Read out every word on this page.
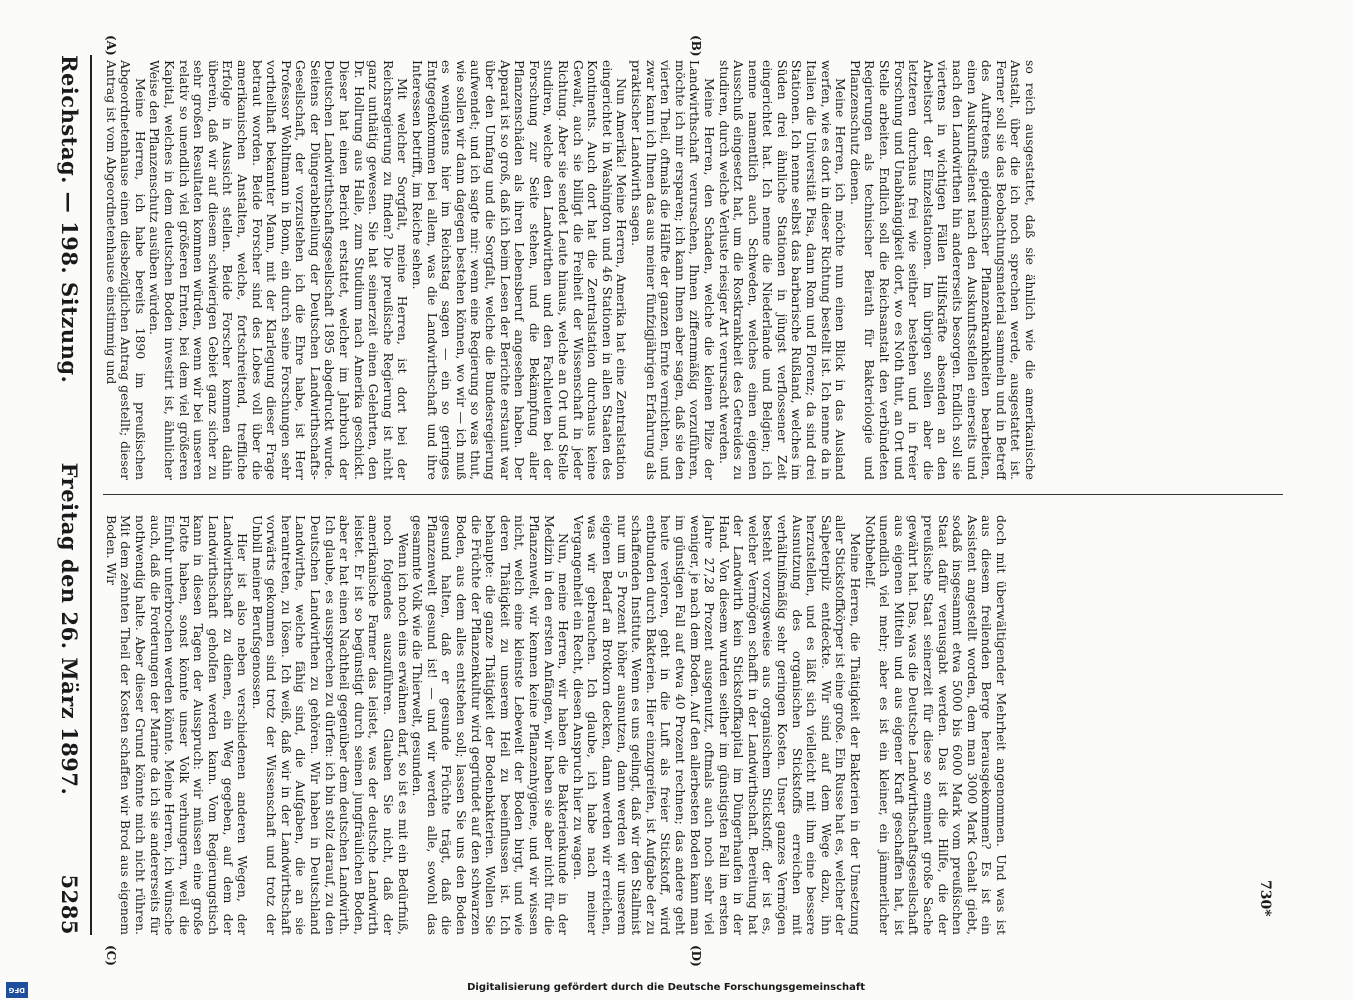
Reichstag. — 198. Sitzung.
Freitag den 26. März 1897.
5285
(A)	(B)
(C)	(D)

so reich ausgestattet, daß sie ähnlich wie die amerikanische Anstalt, über die ich noch sprechen werde, ausgestattet ist. Ferner soll sie das Beobachtungsmaterial sammeln und in Betreff des Auftretens epidemischer Pflanzenkrankheiten bearbeiten, einen Auskunftsdienst nach den Auskunftsstellen einerseits und nach den Landwirthen hin andererseits besorgen. Endlich soll sie viertens in wichtigen Fällen Hilfskräfte absenden an den Arbeitsort der Einzelstationen. Im übrigen sollen aber die letzteren durchaus frei wie seither bestehen und in freier Forschung und Unabhängigkeit dort, wo es Noth thut, an Ort und Stelle arbeiten. Endlich soll die Reichsanstalt den verbündeten Regierungen als technischer Beirath für Bakteriologie und Pflanzenschutz dienen.

Meine Herren, ich möchte nun einen Blick in das Ausland werfen, wie es dort in dieser Richtung bestellt ist. Ich nenne da in Italien die Universität Pisa, dann Rom und Florenz; da sind drei Stationen. Ich nenne selbst das barbarische Rußland, welches im Süden drei ähnliche Stationen in jüngst verflossener Zeit eingerichtet hat. Ich nenne die Niederlande und Belgien; ich nenne namentlich auch Schweden, welches einen eigenen Ausschuß eingesetzt hat, um die Rostkrankheit des Getreides zu studiren, durch welche Verluste riesiger Art verursacht werden.

Meine Herren, den Schaden, welche die kleinen Pilze der Landwirthschaft verursachen, Ihnen ziffernmäßig vorzuführen, möchte ich mir ersparen; ich kann Ihnen aber sagen, daß sie den vierten Theil, oftmals die Hälfte der ganzen Ernte vernichten, und zwar kann ich Ihnen das aus meiner fünfzigjährigen Erfahrung als praktischer Landwirth sagen.

Nun Amerika! Meine Herren, Amerika hat eine Zentralstation eingerichtet in Washington und 46 Stationen in allen Staaten des Kontinents. Auch dort hat die Zentralstation durchaus keine Gewalt, auch sie billigt die Freiheit der Wissenschaft in jeder Richtung. Aber sie sendet Leute hinaus, welche an Ort und Stelle studiren, welche den Landwirthen und den Fachleuten bei der Forschung zur Seite stehen, und die Bekämpfung aller Pflanzenschäden als ihren Lebensberuf angesehen haben. Der Apparat ist so groß, daß ich beim Lesen der Berichte erstaunt war über den Umfang und die Sorgfalt, welche die Bundesregierung aufwendet; und ich sagte mir: wenn eine Regierung so was thut, wie sollen wir dann dagegen bestehen können, wo wir — ich muß es wenigstens hier im Reichstag sagen — ein so geringes Entgegenkommen bei allem, was die Landwirthschaft und ihre Interessen betrifft, im Reiche sehen.

Mit welcher Sorgfalt, meine Herren, ist dort bei der Reichsregierung zu finden? Die preußische Regierung ist nicht ganz unthätig gewesen. Sie hat seinerzeit einen Gelehrten, den Dr. Hollrung aus Halle, zum Studium nach Amerika geschickt. Dieser hat einen Bericht erstattet, welcher im Jahrbuch der Deutschen Landwirthschaftsgesellschaft 1895 abgedruckt wurde. Seitens der Düngerabtheilung der Deutschen Landwirthschafts-Gesellschaft, der vorzustehen ich die Ehre habe, ist Herr Professor Wohltmann in Bonn, ein durch seine Forschungen sehr vortheilhaft bekannter Mann, mit der Klarlegung dieser Frage betraut worden. Beide Forscher sind des Lobes voll über die amerikanischen Anstalten, welche, fortschreitend, treffliche Erfolge in Aussicht stellen. Beide Forscher kommen dahin überein, daß wir auf diesem schwierigen Gebiet ganz sicher zu sehr großen Resultaten kommen würden, wenn wir bei unseren relativ so unendlich viel größeren Ernten, bei dem viel größeren Kapital, welches in dem deutschen Boden investirt ist, ähnlicher Weise den Pflanzenschutz ausüben würden.

Meine Herren, ich habe bereits 1890 im preußischen Abgeordnetenhause einen diesbezüglichen Antrag gestellt; dieser Antrag ist vom Abgeordnetenhause einstimmig und

doch mit überwältigender Mehrheit angenommen. Und was ist aus diesem freilenden Berge herausgekommen? Es ist ein Assistent angestellt worden, dem man 3000 Mark Gehalt giebt, sodaß insgesammt etwa 5000 bis 6000 Mark vom preußischen Staat dafür verausgabt werden. Das ist die Hilfe, die der preußische Staat seinerzeit für diese so eminent große Sache gewährt hat. Das, was die Deutsche Landwirthschaftsgesellschaft aus eigenen Mitteln und aus eigener Kraft geschaffen hat, ist unendlich viel mehr; aber es ist ein kleiner, ein jämmerlicher Nothbehelf.

Meine Herren, die Thätigkeit der Bakterien in der Umsetzung aller Stickstoffkörper ist eine große. Ein Russe hat es, welcher der Salpeterpilz entdeckte. Wir sind auf dem Wege dazu, ihn herzustellen, und es läßt sich vielleicht mit ihm eine bessere Ausnutzung des organischen Stickstoffs erreichen mit verhältnißmäßig sehr geringen Kosten. Unser ganzes Vermögen besteht vorzugsweise aus organischem Stickstoff; der ist es, welcher Vermögen schafft in der Landwirthschaft. Bereitung hat der Landwirth kein Stickstoffkapital im Düngerhaufen in der Hand. Von diesem wurden seither im günstigsten Fall im ersten Jahre 27,28 Prozent ausgenutzt, oftmals auch noch sehr viel weniger, je nach dem Boden. Auf den allerbesten Boden kann man im günstigen Fall auf etwa 40 Prozent rechnen; das andere geht heute verloren, geht in die Luft als freier Stickstoff, wird entbunden durch Bakterien. Hier einzugreifen, ist Aufgabe der zu schaffenden Institute. Wenn es uns gelingt, daß wir den Stallmist nur um 5 Prozent höher ausnutzen, dann werden wir unserem eigenen Bedarf an Brotkorn decken, dann werden wir erreichen, was wir gebrauchen. Ich glaube, ich habe nach meiner Vergangenheit ein Recht, diesen Anspruch hier zu wagen.

Nun, meine Herren, wir haben die Bakterienkunde in der Medizin in den ersten Anfängen, wir haben sie aber nicht für die Pflanzenwelt, wir kennen keine Pflanzenhygiene, und wir wissen nicht, welch eine kleinste Lebewelt der Boden birgt, und wie deren Thätigkeit zu unserem Heil zu beeinflussen ist. Ich behaupte: die ganze Thätigkeit der Bodenbakterien. Wollen Sie die Früchte der Pflanzenkultur wird gegründet auf den schwarzen Boden, aus dem alles entstehen soll; lassen Sie uns den Boden gesund halten, daß er gesunde Früchte trägt, daß die Pflanzenwelt gesund ist! — und wir werden alle, sowohl das gesammte Volk wie die Thierwelt, gesunden.

Wenn ich noch eins erwähnen darf, so ist es mit ein Bedürfniß, noch folgendes auszuführen. Glauben Sie nicht, daß der amerikanische Farmer das leistet, was der deutsche Landwirth leistet. Er ist so begünstigt durch seinen jungfräulichen Boden, aber er hat einen Nachtheil gegenüber dem deutschen Landwirth. Ich glaube, es aussprechen zu dürfen: ich bin stolz darauf, zu den Deutschen Landwirthen zu gehören. Wir haben in Deutschland Landwirthe, welche fähig sind, die Aufgaben, die an sie herantreten, zu lösen. Ich weiß, daß wir in der Landwirthschaft vorwärts gekommen sind trotz der Wissenschaft und trotz der Unbill meiner Berufsgenossen.

Hier ist also neben verschiedenen anderen Wegen, der Landwirthschaft zu dienen, ein Weg gegeben, auf dem der Landwirthschaft geholfen werden kann. Vom Regierungstisch kann in diesen Tagen der Ausspruch: wir müssen eine große Flotte haben, sonst könnte unser Volk verhungern, weil die Einfuhr unterbrochen werden könnte. Meine Herren, ich wünsche auch, daß die Forderungen der Marine da ich sie andererseits für nothwendig halte. Aber dieser Grund könnte mich nicht rühren. Mit dem zehnten Theil der Kosten schaffen wir Brod aus eigenem Boden. Wir

730*
Digitalisierung gefördert durch die Deutsche Forschungsgemeinschaft
DFG
